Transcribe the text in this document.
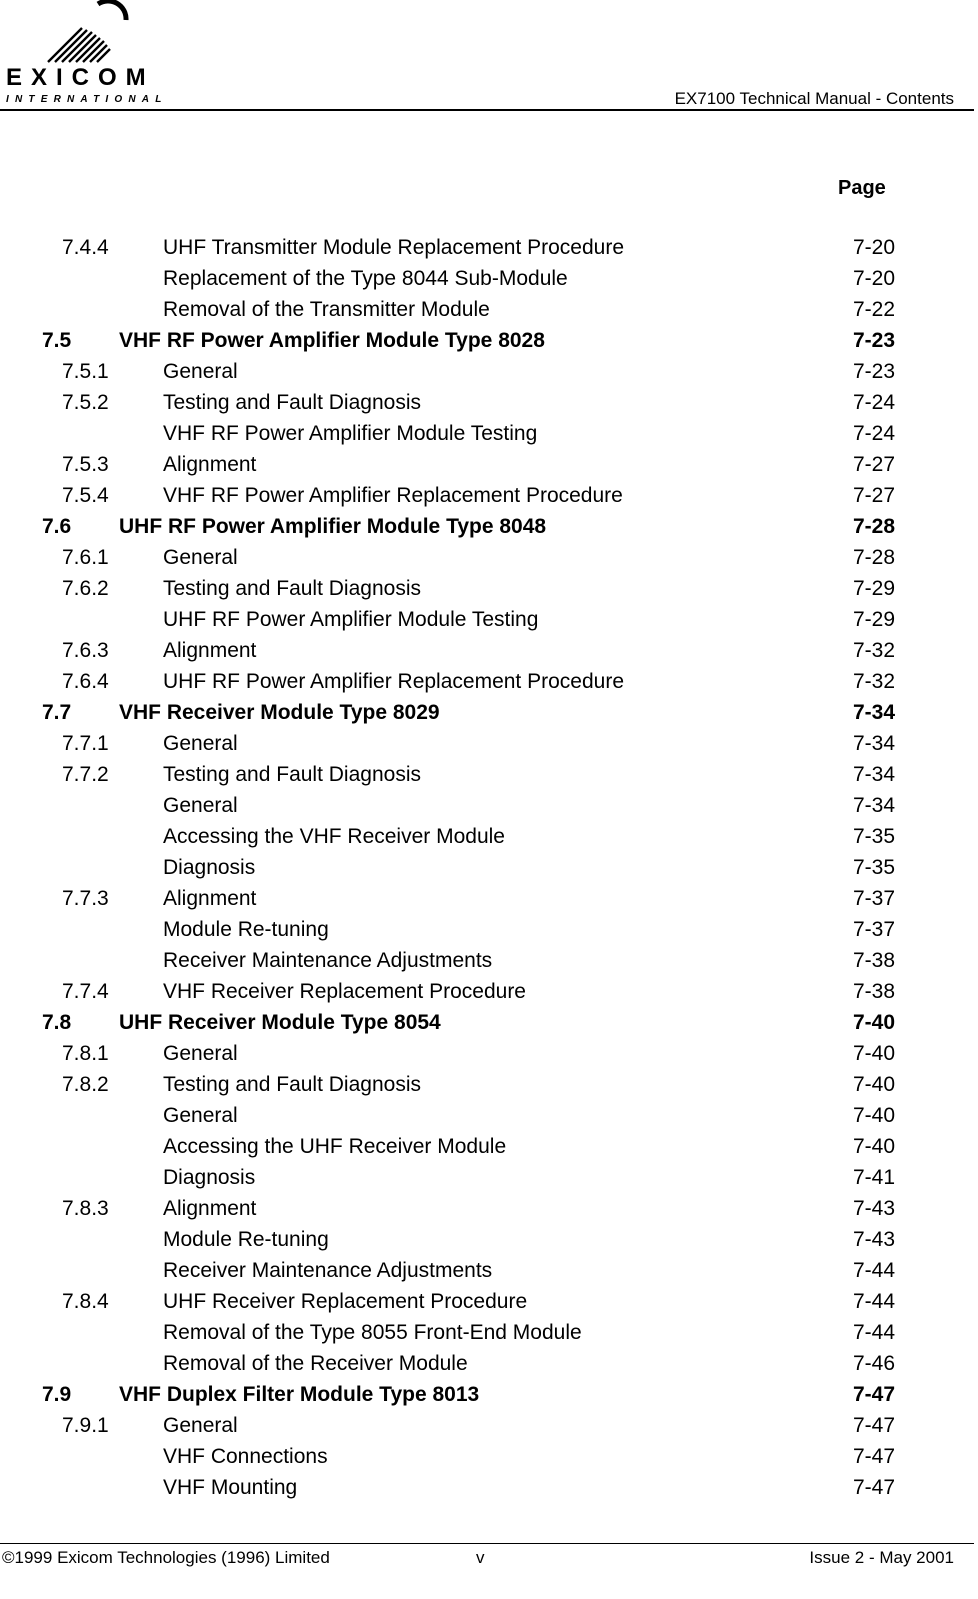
EXICOM
INTERNATIONAL	EX7100 Technical Manual - Contents
Page
7.4.4	UHF Transmitter Module Replacement Procedure	7-20
Replacement of the Type 8044 Sub-Module	7-20
Removal of the Transmitter Module	7-22
7.5 VHF RF Power Amplifier Module Type 8028	7-23
7.5.1	General	7-23
7.5.2	Testing and Fault Diagnosis	7-24
VHF RF Power Amplifier Module Testing	7-24
7.5.3	Alignment	7-27
7.5.4	VHF RF Power Amplifier Replacement Procedure	7-27
7.6 UHF RF Power Amplifier Module Type 8048	7-28
7.6.1	General	7-28
7.6.2	Testing and Fault Diagnosis	7-29
UHF RF Power Amplifier Module Testing	7-29
7.6.3	Alignment	7-32
7.6.4	UHF RF Power Amplifier Replacement Procedure	7-32
7.7 VHF Receiver Module Type 8029	7-34
7.7.1	General	7-34
7.7.2	Testing and Fault Diagnosis	7-34
General	7-34
Accessing the VHF Receiver Module	7-35
Diagnosis	7-35
7.7.3	Alignment	7-37
Module Re-tuning	7-37
Receiver Maintenance Adjustments	7-38
7.7.4	VHF Receiver Replacement Procedure	7-38
7.8 UHF Receiver Module Type 8054	7-40
7.8.1	General	7-40
7.8.2	Testing and Fault Diagnosis	7-40
General	7-40
Accessing the UHF Receiver Module	7-40
Diagnosis	7-41
7.8.3	Alignment	7-43
Module Re-tuning	7-43
Receiver Maintenance Adjustments	7-44
7.8.4	UHF Receiver Replacement Procedure	7-44
Removal of the Type 8055 Front-End Module	7-44
Removal of the Receiver Module	7-46
7.9 VHF Duplex Filter Module Type 8013	7-47
7.9.1	General	7-47
VHF Connections	7-47
VHF Mounting	7-47
©1999 Exicom Technologies (1996) Limited	v	Issue 2 - May 2001
